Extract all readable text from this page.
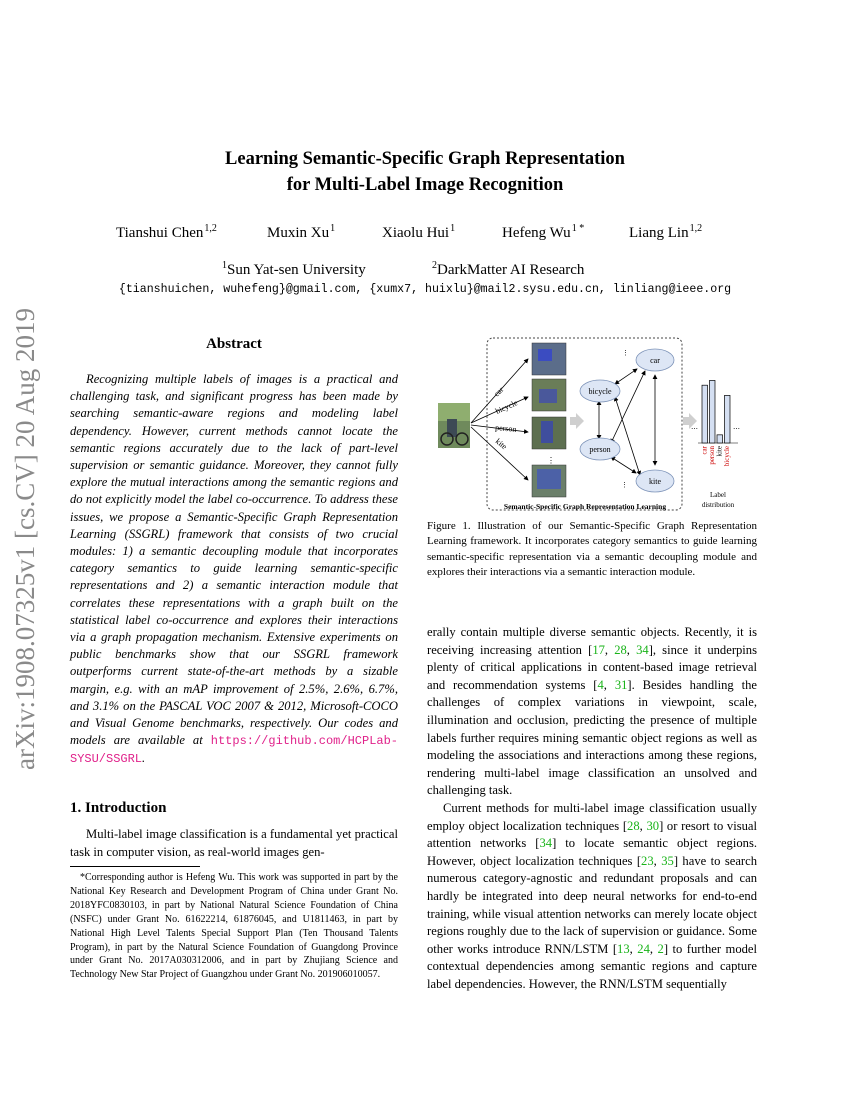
arXiv:1908.07325v1 [cs.CV] 20 Aug 2019
Learning Semantic-Specific Graph Representation
for Multi-Label Image Recognition
Tianshui Chen$^{1,2}$	Muxin Xu$^1$	Xiaolu Hui$^1$	Hefeng $Wu^{1 *}$	Liang Lin$^{1,2}$
$^1$Sun Yat-sen University	$^2$DarkMatter AI Research
{tianshuichen, wuhefeng}@gmail.com, {xumx7, huixlu}@mail2.sysu.edu.cn, linliang@ieee.org
Abstract
Recognizing multiple labels of images is a practical and challenging task, and significant progress has been made by searching semantic-aware regions and modeling label dependency. However, current methods cannot locate the semantic regions accurately due to the lack of part-level supervision or semantic guidance. Moreover, they cannot fully explore the mutual interactions among the semantic regions and do not explicitly model the label co-occurrence. To address these issues, we propose a Semantic-Specific Graph Representation Learning (SSGRL) framework that consists of two crucial modules: 1) a semantic decoupling module that incorporates category semantics to guide learning semantic-specific representations and 2) a semantic interaction module that correlates these representations with a graph built on the statistical label co-occurrence and explores their interactions via a graph propagation mechanism. Extensive experiments on public benchmarks show that our SSGRL framework outperforms current state-of-the-art methods by a sizable margin, e.g. with an mAP improvement of 2.5%, 2.6%, 6.7%, and 3.1% on the PASCAL VOC 2007 & 2012, Microsoft-COCO and Visual Genome benchmarks, respectively. Our codes and models are available at https://github.com/HCPLab-SYSU/SSGRL.
1. Introduction
Multi-label image classification is a fundamental yet practical task in computer vision, as real-world images gen-
*Corresponding author is Hefeng Wu. This work was supported in part by the National Key Research and Development Program of China under Grant No. 2018YFC0830103, in part by National Natural Science Foundation of China (NSFC) under Grant No. 61622214, 61876045, and U1811463, in part by National High Level Talents Special Support Plan (Ten Thousand Talents Program), in part by the Natural Science Foundation of Guangdong Province under Grant No. 2017A030312006, and in part by Zhujiang Science and Technology New Star Project of Guangzhou under Grant No. 201906010057.
car
bicycle
person
kite
⋮
car
bicycle
person
kite
⋮
⋮
Semantic-Specific Graph Representation Learning
⋯	⋯
Label
distribution
car person kite bicycle
Figure 1. Illustration of our Semantic-Specific Graph Representation Learning framework. It incorporates category semantics to guide learning semantic-specific representation via a semantic decoupling module and explores their interactions via a semantic interaction module.

erally contain multiple diverse semantic objects. Recently, it is receiving increasing attention [17, 28, 34], since it underpins plenty of critical applications in content-based image retrieval and recommendation systems [4, 31]. Besides handling the challenges of complex variations in viewpoint, scale, illumination and occlusion, predicting the presence of multiple labels further requires mining semantic object regions as well as modeling the associations and interactions among these regions, rendering multi-label image classification an unsolved and challenging task.

Current methods for multi-label image classification usually employ object localization techniques [28, 30] or resort to visual attention networks [34] to locate semantic object regions. However, object localization techniques [23, 35] have to search numerous category-agnostic and redundant proposals and can hardly be integrated into deep neural networks for end-to-end training, while visual attention networks can merely locate object regions roughly due to the lack of supervision or guidance. Some other works introduce RNN/LSTM [13, 24, 2] to further model contextual dependencies among semantic regions and capture label dependencies. However, the RNN/LSTM sequentially
